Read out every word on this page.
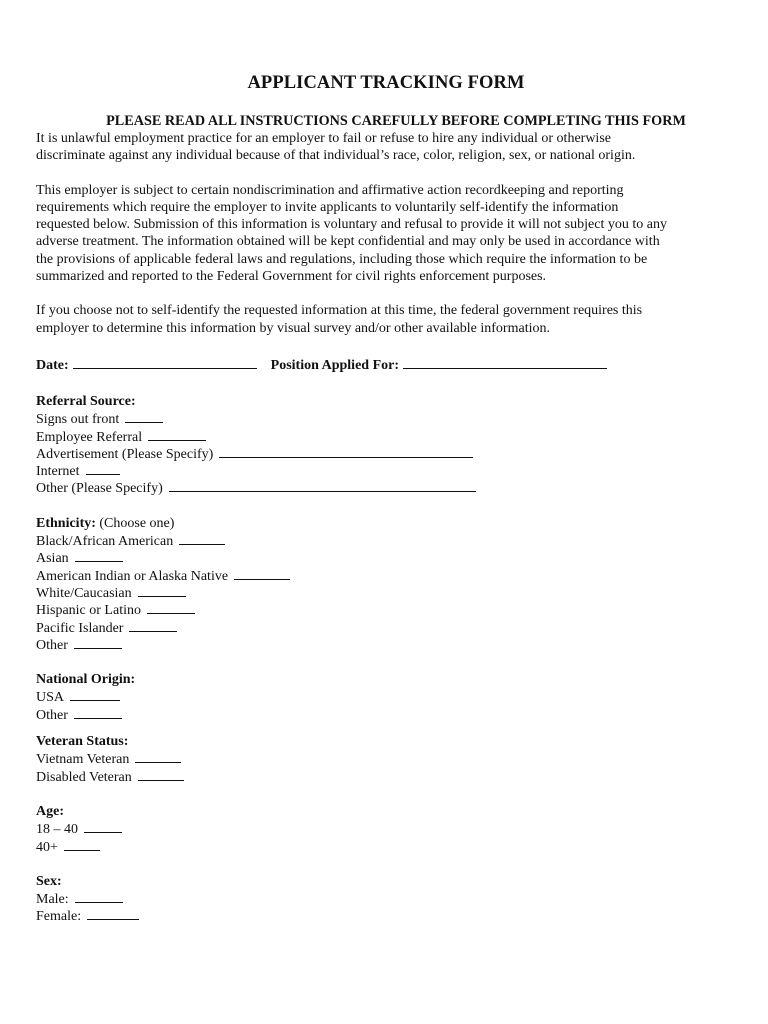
APPLICANT TRACKING FORM
PLEASE READ ALL INSTRUCTIONS CAREFULLY BEFORE COMPLETING THIS FORM

It is unlawful employment practice for an employer to fail or refuse to hire any individual or otherwise
discriminate against any individual because of that individual’s race, color, religion, sex, or national origin.

This employer is subject to certain nondiscrimination and affirmative action recordkeeping and reporting
requirements which require the employer to invite applicants to voluntarily self-identify the information
requested below. Submission of this information is voluntary and refusal to provide it will not subject you to any
adverse treatment. The information obtained will be kept confidential and may only be used in accordance with
the provisions of applicable federal laws and regulations, including those which require the information to be
summarized and reported to the Federal Government for civil rights enforcement purposes.

If you choose not to self-identify the requested information at this time, the federal government requires this
employer to determine this information by visual survey and/or other available information.

Date:	Position Applied For:
Referral Source:
Signs out front
Employee Referral
Advertisement (Please Specify)
Internet
Other (Please Specify)
Ethnicity: (Choose one)
Black/African American
Asian
American Indian or Alaska Native
White/Caucasian
Hispanic or Latino
Pacific Islander
Other
National Origin:
USA
Other
Veteran Status:
Vietnam Veteran
Disabled Veteran
Age:
18 – 40
40+
Sex:
Male:
Female:
